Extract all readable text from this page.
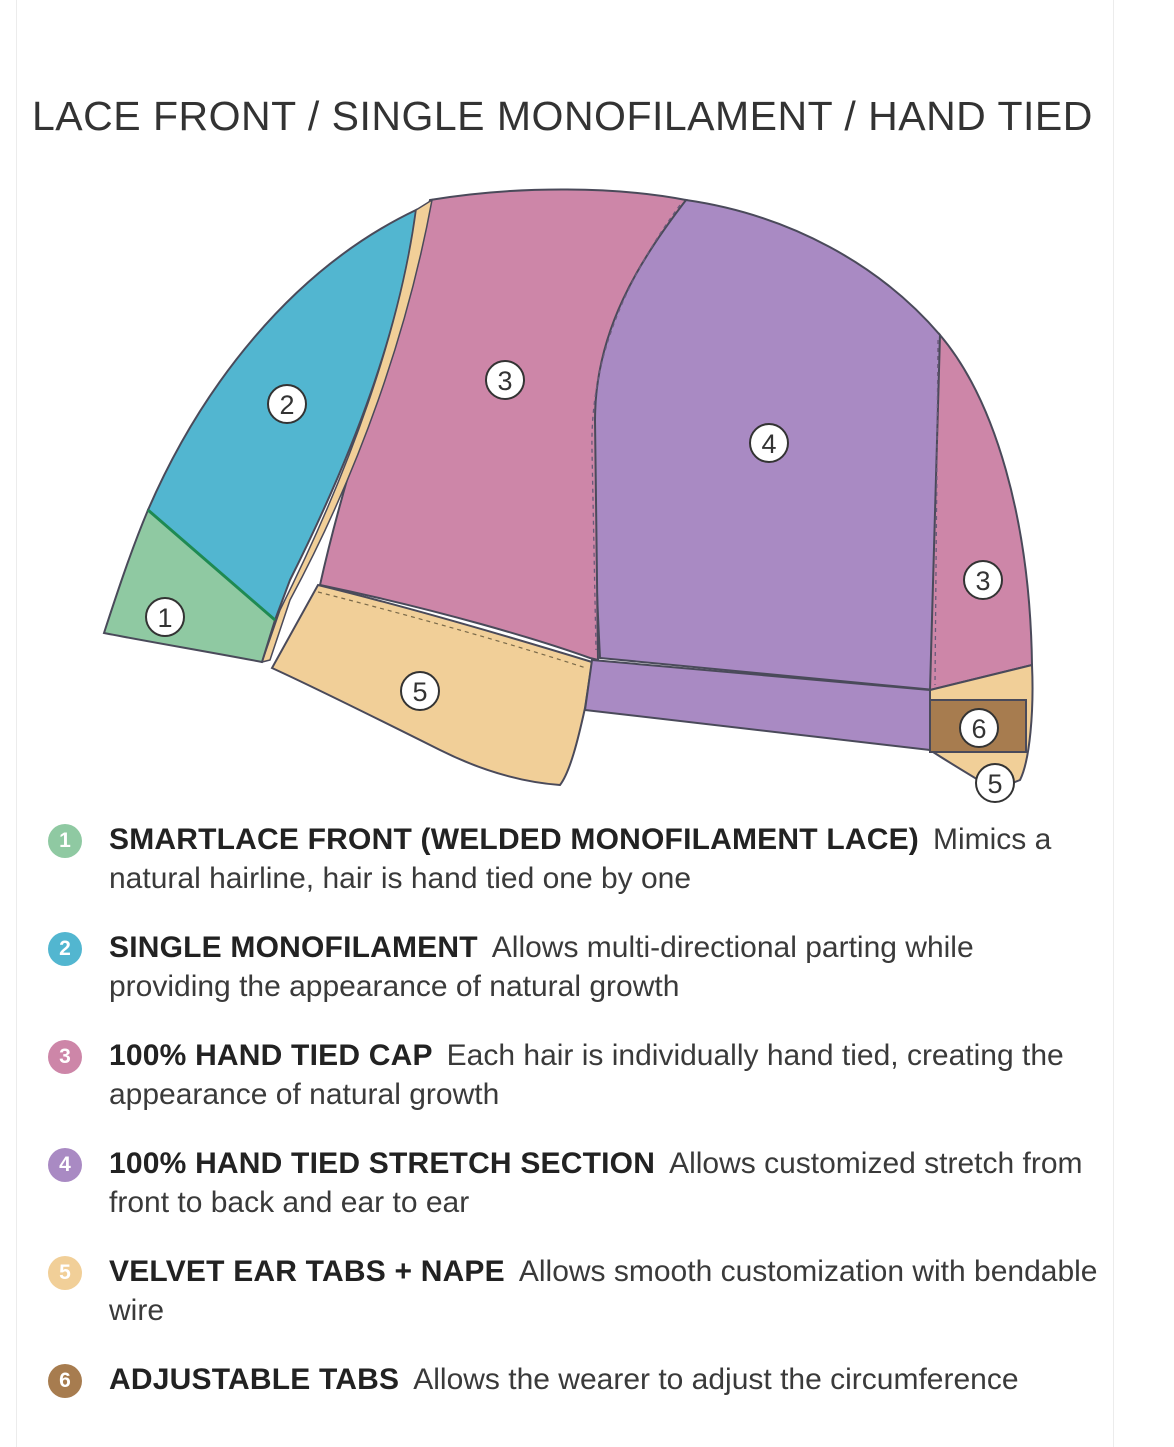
LACE FRONT / SINGLE MONOFILAMENT / HAND TIED
1
2
3
4
3
5
6
5
1	SMARTLACE FRONT (WELDED MONOFILAMENT LACE) Mimics a natural hairline, hair is hand tied one by one
2	SINGLE MONOFILAMENT Allows multi-directional parting while providing the appearance of natural growth
3	100% HAND TIED CAP Each hair is individually hand tied, creating the appearance of natural growth
4	100% HAND TIED STRETCH SECTION Allows customized stretch from front to back and ear to ear
5	VELVET EAR TABS + NAPE Allows smooth customization with bendable wire
6	ADJUSTABLE TABS Allows the wearer to adjust the circumference
